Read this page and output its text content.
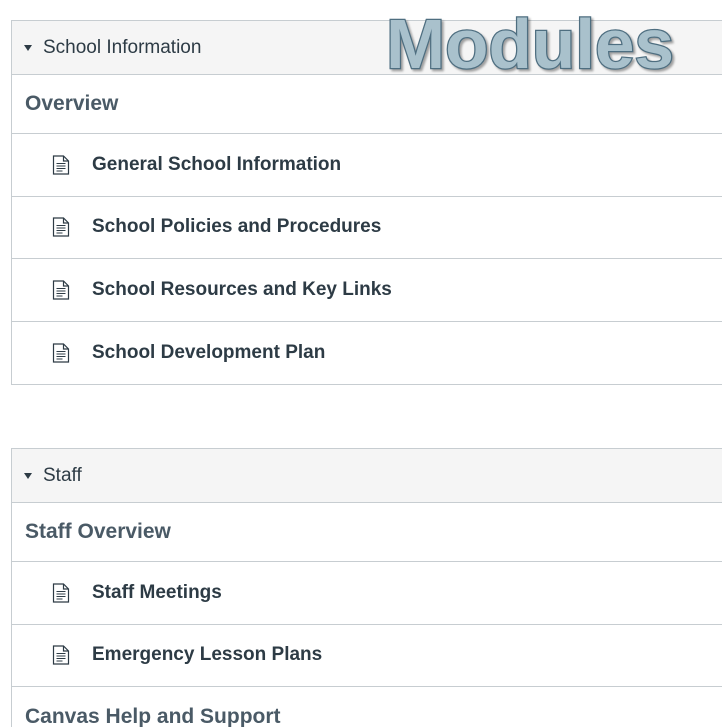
School Information
Overview
General School Information
School Policies and Procedures
School Resources and Key Links
School Development Plan
Staff
Staff Overview
Staff Meetings
Emergency Lesson Plans
Canvas Help and Support
Modules
